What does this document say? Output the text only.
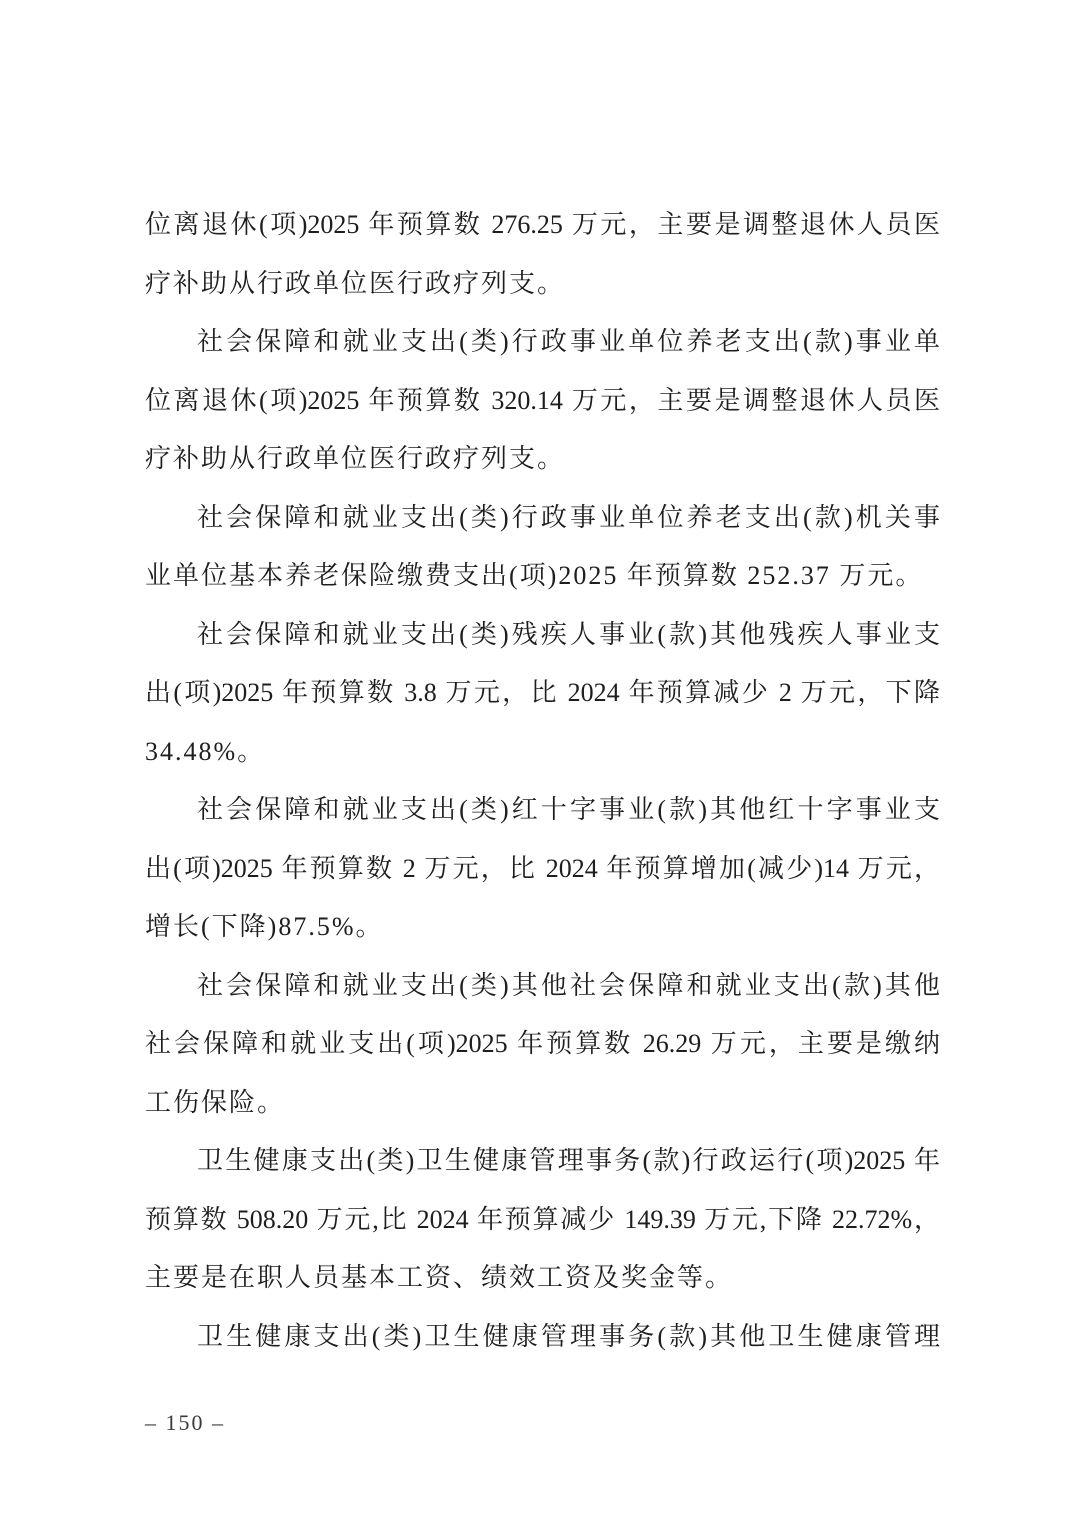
位离退休(项)2025 年预算数 276.25 万元，主要是调整退休人员医
疗补助从行政单位医行政疗列支。
社会保障和就业支出(类)行政事业单位养老支出(款)事业单
位离退休(项)2025 年预算数 320.14 万元，主要是调整退休人员医
疗补助从行政单位医行政疗列支。
社会保障和就业支出(类)行政事业单位养老支出(款)机关事
业单位基本养老保险缴费支出(项)2025 年预算数 252.37 万元。
社会保障和就业支出(类)残疾人事业(款)其他残疾人事业支
出(项)2025 年预算数 3.8 万元，比 2024 年预算减少 2 万元，下降
34.48%。
社会保障和就业支出(类)红十字事业(款)其他红十字事业支
出(项)2025 年预算数 2 万元，比 2024 年预算增加(减少)14 万元，
增长(下降)87.5%。
社会保障和就业支出(类)其他社会保障和就业支出(款)其他
社会保障和就业支出(项)2025 年预算数 26.29 万元，主要是缴纳
工伤保险。
卫生健康支出(类)卫生健康管理事务(款)行政运行(项)2025 年
预算数 508.20 万元,比 2024 年预算减少 149.39 万元,下降 22.72%，
主要是在职人员基本工资、绩效工资及奖金等。
卫生健康支出(类)卫生健康管理事务(款)其他卫生健康管理
– 150 –
